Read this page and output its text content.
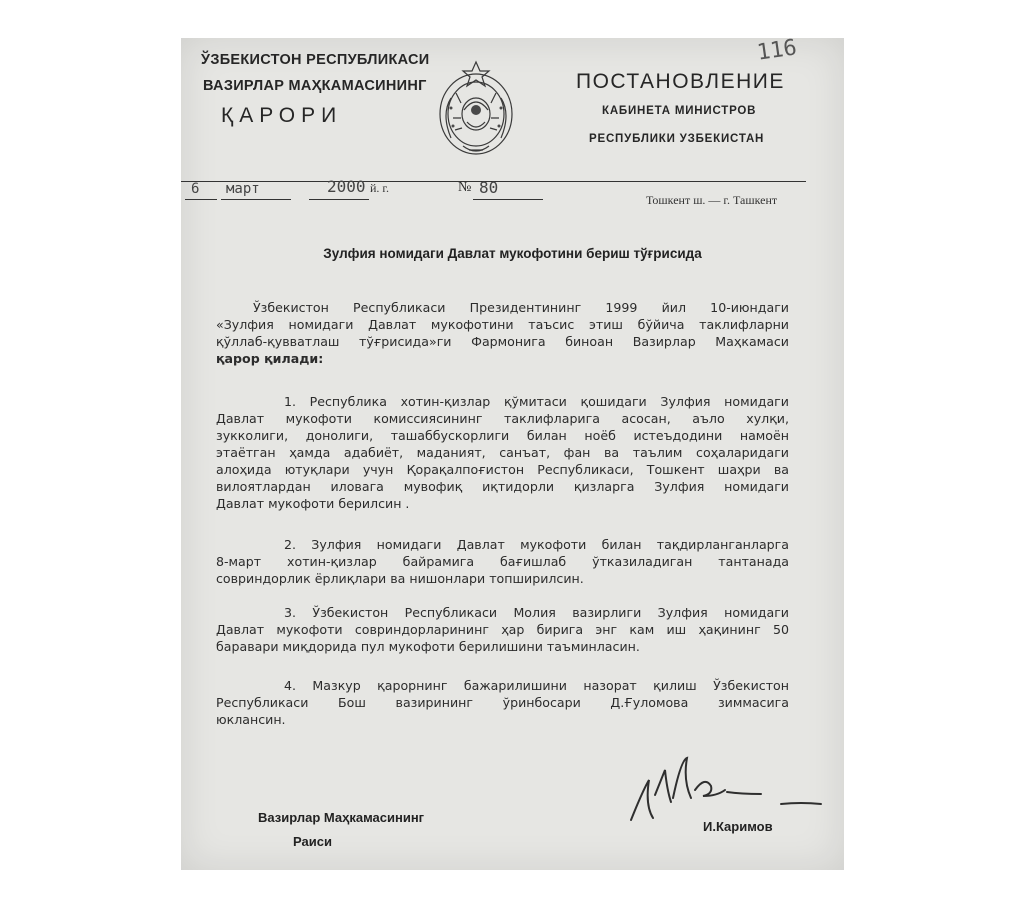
ЎЗБЕКИСТОН РЕСПУБЛИКАСИ
ВАЗИРЛАР МАҲКАМАСИНИНГ
ҚАРОРИ
ПОСТАНОВЛЕНИЕ
КАБИНЕТА МИНИСТРОВ
РЕСПУБЛИКИ УЗБЕКИСТАН
116
6 март	2000 й. г.	№ 80
Тошкент ш. — г. Ташкент
Зулфия номидаги Давлат мукофотини бериш тўғрисида
Ўзбекистон Республикаси Президентининг 1999 йил 10-июндаги
«Зулфия номидаги Давлат мукофотини таъсис этиш бўйича таклифларни
қўллаб-қувватлаш тўғрисида»ги Фармонига биноан Вазирлар Маҳкамаси
қарор қилади:
1. Республика хотин-қизлар қўмитаси қошидаги Зулфия номидаги
Давлат мукофоти комиссиясининг таклифларига асосан, аъло хулқи,
зукколиги, донолиги, ташаббускорлиги билан ноёб истеъдодини намоён
этаётган ҳамда адабиёт, маданият, санъат, фан ва таълим соҳаларидаги
алоҳида ютуқлари учун Қорақалпоғистон Республикаси, Тошкент шаҳри ва
вилоятлардан иловага мувофиқ иқтидорли қизларга Зулфия номидаги
Давлат мукофоти берилсин .
2. Зулфия номидаги Давлат мукофоти билан тақдирланганларга
8-март хотин-қизлар байрамига бағишлаб ўтказиладиган тантанада
совриндорлик ёрлиқлари ва нишонлари топширилсин.
3. Ўзбекистон Республикаси Молия вазирлиги Зулфия номидаги
Давлат мукофоти совриндорларининг ҳар бирига энг кам иш ҳақининг 50
баравари миқдорида пул мукофоти берилишини таъминласин.
4. Мазкур қарорнинг бажарилишини назорат қилиш Ўзбекистон
Республикаси Бош вазирининг ўринбосари Д.Ғуломова зиммасига
юклансин.
Вазирлар Маҳкамасининг
Раиси
И.Каримов
